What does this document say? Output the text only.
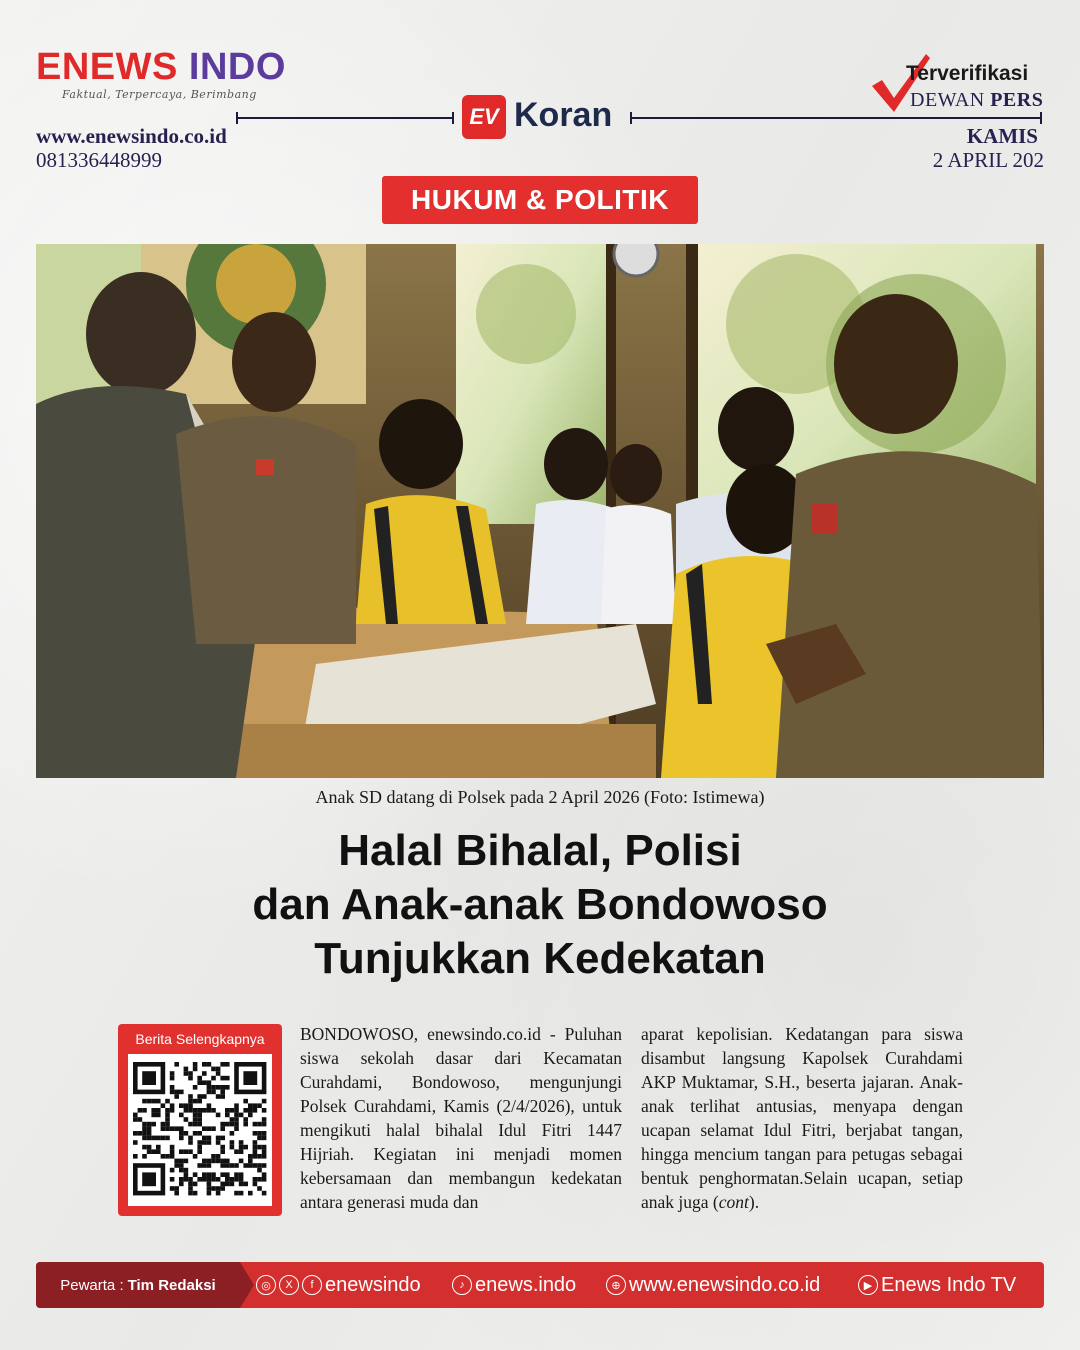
ENEWS INDO
Faktual, Terpercaya, Berimbang
www.enewsindo.co.id
081336448999
EV Koran
Terverifikasi
DEWAN PERS
KAMIS
2 APRIL 202
HUKUM & POLITIK
Anak SD datang di Polsek pada 2 April 2026 (Foto: Istimewa)
Halal Bihalal, Polisi
dan Anak-anak Bondowoso
Tunjukkan Kedekatan
Berita Selengkapnya	BONDOWOSO, enewsindo.co.id - Puluhan siswa sekolah dasar dari Kecamatan Curahdami, Bondowoso, mengunjungi Polsek Curahdami, Kamis (2/4/2026), untuk mengikuti halal bihalal Idul Fitri 1447 Hijriah. Kegiatan ini menjadi momen kebersamaan dan membangun kedekatan antara generasi muda dan
aparat kepolisian. Kedatangan para siswa disambut langsung Kapolsek Curahdami AKP Muktamar, S.H., beserta jajaran. Anak-anak terlihat antusias, menyapa dengan ucapan selamat Idul Fitri, berjabat tangan, hingga mencium tangan para petugas sebagai bentuk penghormatan.Selain ucapan, setiap anak juga (cont).
Pewarta : Tim Redaksi	◎	X	f enewsindo	♪ enews.indo	⊕ www.enewsindo.co.id	▶ Enews Indo TV
